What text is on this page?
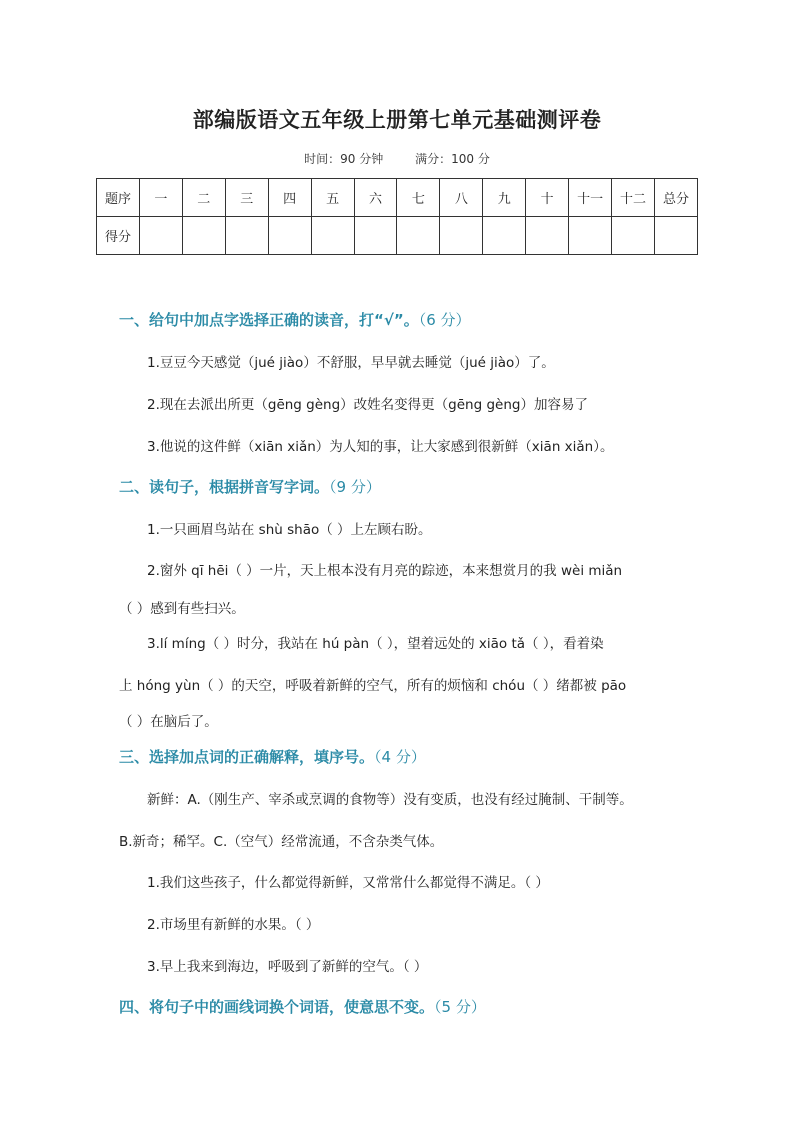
部编版语文五年级上册第七单元基础测评卷
时间：90 分钟	满分：100 分
题序	一	二	三	四	五	六	七	八	九	十	十一	十二	总分
得分													
一、给句中加点字选择正确的读音，打“√”。（6 分）
1.豆豆今天感觉（jué jiào）不舒服，早早就去睡觉（jué jiào）了。
2.现在去派出所更（gēng gèng）改姓名变得更（gēng gèng）加容易了
3.他说的这件鲜（xiān xiǎn）为人知的事，让大家感到很新鲜（xiān xiǎn）。
二、读句子，根据拼音写字词。（9 分）
1.一只画眉鸟站在 shù shāo（ ）上左顾右盼。
2.窗外 qī hēi（ ）一片，天上根本没有月亮的踪迹，本来想赏月的我 wèi miǎn
（ ）感到有些扫兴。
3.lí míng（ ）时分，我站在 hú pàn（ ），望着远处的 xiāo tǎ（ ），看着染
上 hóng yùn（ ）的天空，呼吸着新鲜的空气，所有的烦恼和 chóu（ ）绪都被 pāo
（ ）在脑后了。
三、选择加点词的正确解释，填序号。（4 分）
新鲜：A.（刚生产、宰杀或烹调的食物等）没有变质，也没有经过腌制、干制等。
B.新奇；稀罕。C.（空气）经常流通，不含杂类气体。
1.我们这些孩子，什么都觉得新鲜，又常常什么都觉得不满足。（ ）
2.市场里有新鲜的水果。（ ）
3.早上我来到海边，呼吸到了新鲜的空气。（ ）
四、将句子中的画线词换个词语，使意思不变。（5 分）
